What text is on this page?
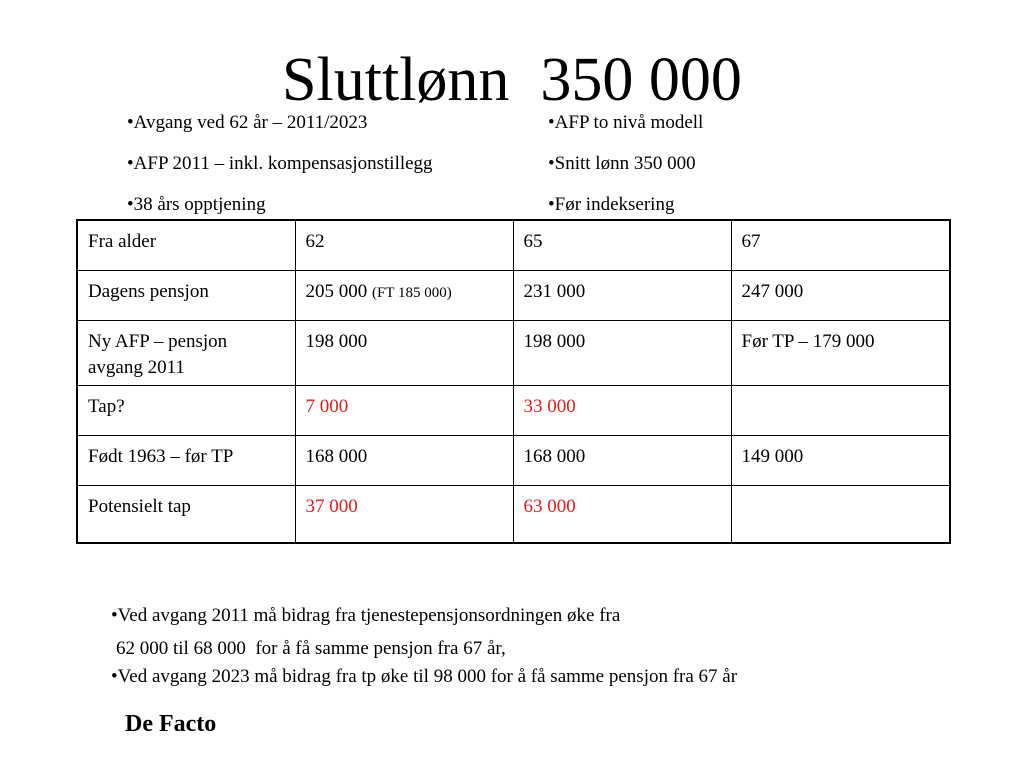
Sluttlønn  350 000
•Avgang ved 62 år – 2011/2023
•AFP 2011 – inkl. kompensasjonstillegg
•38 års opptjening
•AFP to nivå modell
•Snitt lønn 350 000
•Før indeksering
Fra alder	62	65	67
Dagens pensjon	205 000 (FT 185 000)	231 000	247 000
Ny AFP – pensjon
avgang 2011	198 000	198 000	Før TP – 179 000
Tap?	7 000	33 000	
Født 1963 – før TP	168 000	168 000	149 000
Potensielt tap	37 000	63 000	
•Ved avgang 2011 må bidrag fra tjenestepensjonsordningen øke fra
62 000 til 68 000  for å få samme pensjon fra 67 år,
•Ved avgang 2023 må bidrag fra tp øke til 98 000 for å få samme pensjon fra 67 år
De Facto
